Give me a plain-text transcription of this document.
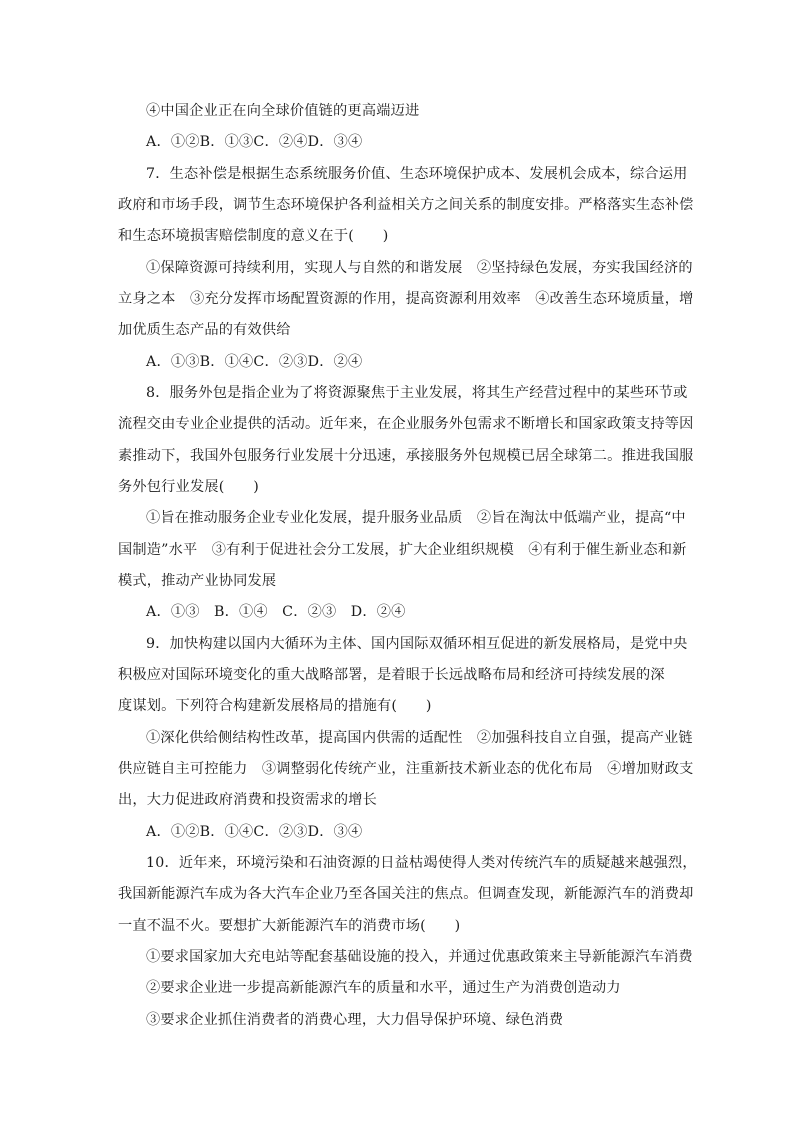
④中国企业正在向全球价值链的更高端迈进
A．①②B．①③C．②④D．③④
7．生态补偿是根据生态系统服务价值、生态环境保护成本、发展机会成本，综合运用
政府和市场手段，调节生态环境保护各利益相关方之间关系的制度安排。严格落实生态补偿
和生态环境损害赔偿制度的意义在于(　　)
①保障资源可持续利用，实现人与自然的和谐发展　②坚持绿色发展，夯实我国经济的
立身之本　③充分发挥市场配置资源的作用，提高资源利用效率　④改善生态环境质量，增
加优质生态产品的有效供给
A．①③B．①④C．②③D．②④
8．服务外包是指企业为了将资源聚焦于主业发展，将其生产经营过程中的某些环节或
流程交由专业企业提供的活动。近年来，在企业服务外包需求不断增长和国家政策支持等因
素推动下，我国外包服务行业发展十分迅速，承接服务外包规模已居全球第二。推进我国服
务外包行业发展(　　)
①旨在推动服务企业专业化发展，提升服务业品质　②旨在淘汰中低端产业，提高“中
国制造”水平　③有利于促进社会分工发展，扩大企业组织规模　④有利于催生新业态和新
模式，推动产业协同发展
A．①③　B．①④　C．②③　D．②④
9．加快构建以国内大循环为主体、国内国际双循环相互促进的新发展格局，是党中央
积极应对国际环境变化的重大战略部署，是着眼于长远战略布局和经济可持续发展的深
度谋划。下列符合构建新发展格局的措施有(　　)
①深化供给侧结构性改革，提高国内供需的适配性　②加强科技自立自强，提高产业链
供应链自主可控能力　③调整弱化传统产业，注重新技术新业态的优化布局　④增加财政支
出，大力促进政府消费和投资需求的增长
A．①②B．①④C．②③D．③④
10．近年来，环境污染和石油资源的日益枯竭使得人类对传统汽车的质疑越来越强烈，
我国新能源汽车成为各大汽车企业乃至各国关注的焦点。但调查发现，新能源汽车的消费却
一直不温不火。要想扩大新能源汽车的消费市场(　　)
①要求国家加大充电站等配套基础设施的投入，并通过优惠政策来主导新能源汽车消费
②要求企业进一步提高新能源汽车的质量和水平，通过生产为消费创造动力
③要求企业抓住消费者的消费心理，大力倡导保护环境、绿色消费
